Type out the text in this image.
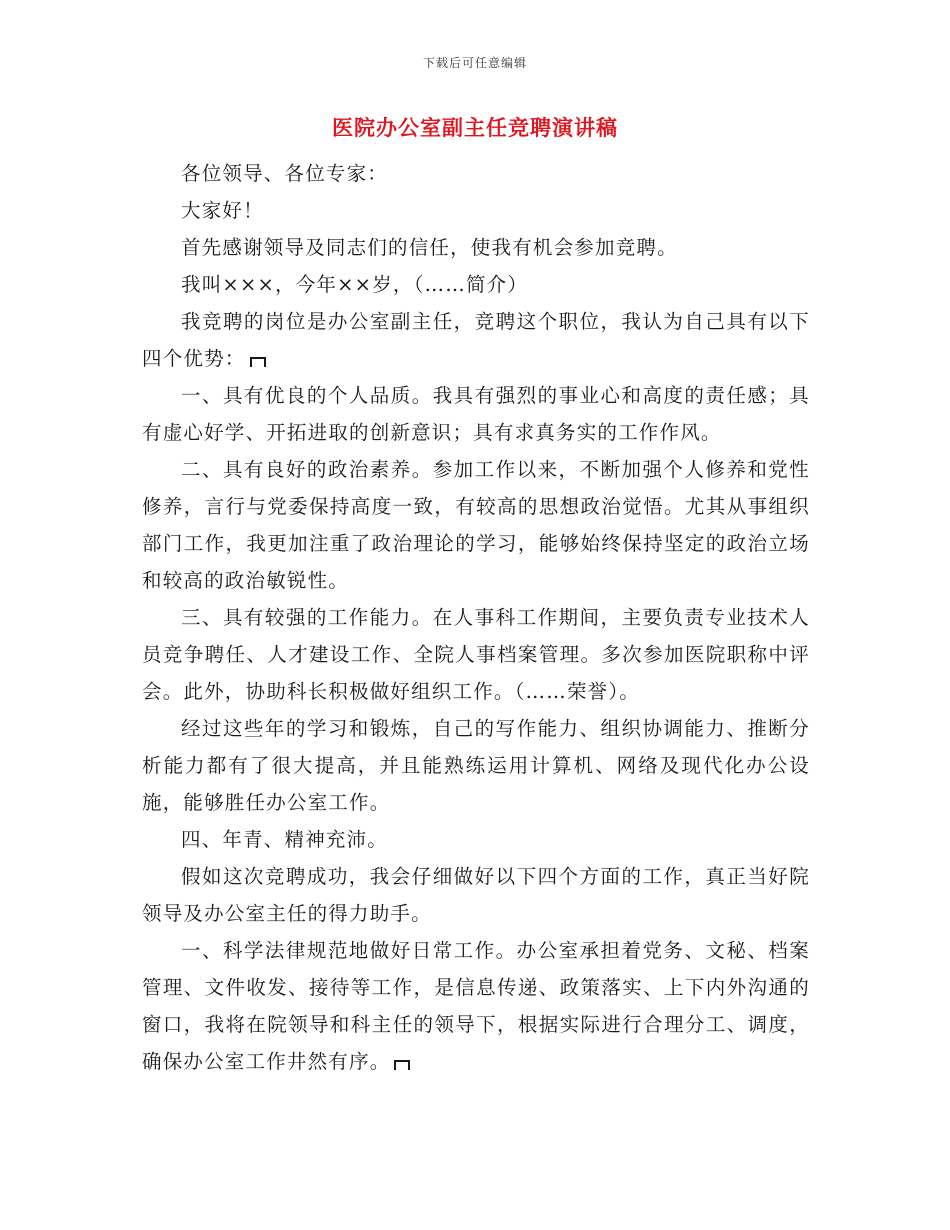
下载后可任意编辑
医院办公室副主任竞聘演讲稿

各位领导、各位专家：

大家好！

首先感谢领导及同志们的信任，使我有机会参加竞聘。

我叫×××，今年××岁，（……简介）

我竞聘的岗位是办公室副主任，竞聘这个职位，我认为自己具有以下四个优势：

一、具有优良的个人品质。我具有强烈的事业心和高度的责任感；具有虚心好学、开拓进取的创新意识；具有求真务实的工作作风。

二、具有良好的政治素养。参加工作以来，不断加强个人修养和党性修养，言行与党委保持高度一致，有较高的思想政治觉悟。尤其从事组织部门工作，我更加注重了政治理论的学习，能够始终保持坚定的政治立场和较高的政治敏锐性。

三、具有较强的工作能力。在人事科工作期间，主要负责专业技术人员竞争聘任、人才建设工作、全院人事档案管理。多次参加医院职称中评会。此外，协助科长积极做好组织工作。（……荣誉）。

经过这些年的学习和锻炼，自己的写作能力、组织协调能力、推断分析能力都有了很大提高，并且能熟练运用计算机、网络及现代化办公设施，能够胜任办公室工作。

四、年青、精神充沛。

假如这次竞聘成功，我会仔细做好以下四个方面的工作，真正当好院领导及办公室主任的得力助手。

一、科学法律规范地做好日常工作。办公室承担着党务、文秘、档案管理、文件收发、接待等工作，是信息传递、政策落实、上下内外沟通的窗口，我将在院领导和科主任的领导下，根据实际进行合理分工、调度，确保办公室工作井然有序。
